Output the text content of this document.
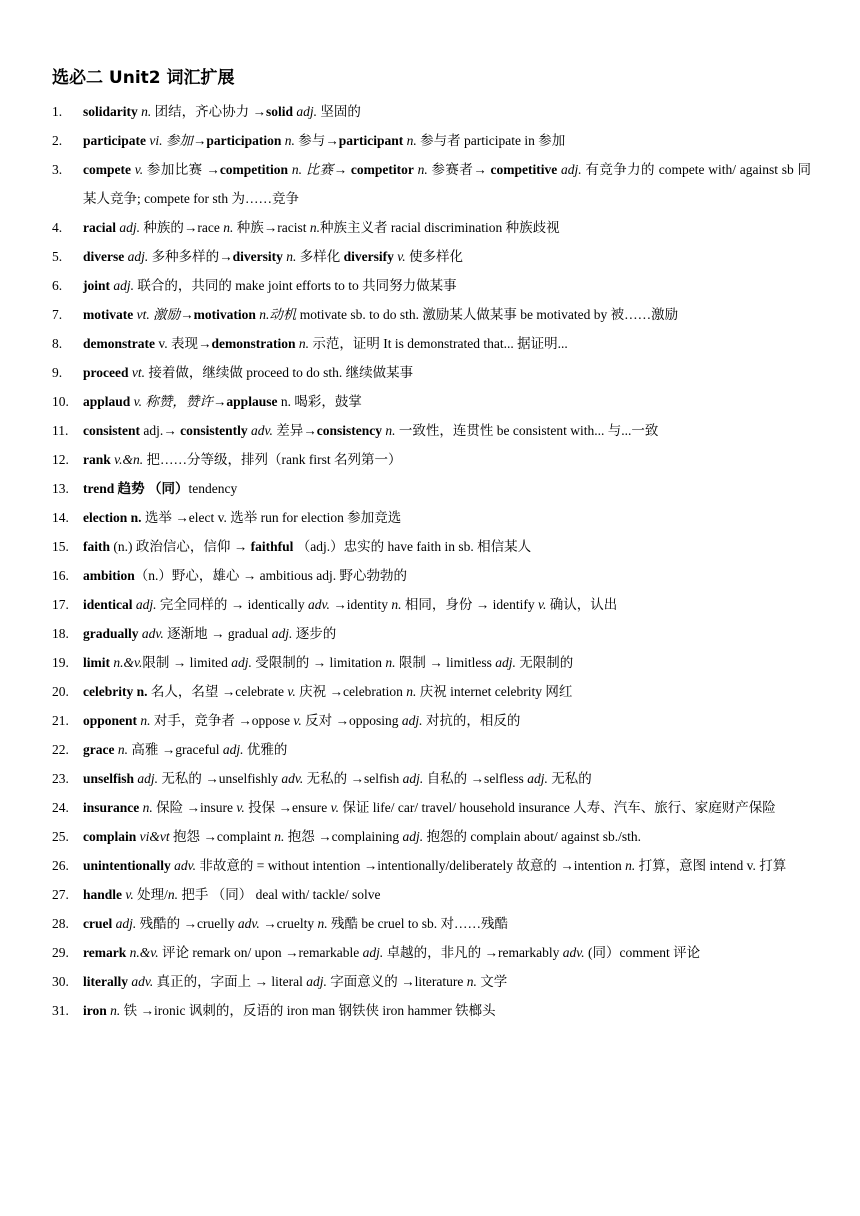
选必二 Unit2 词汇扩展
1.	solidarity n. 团结，齐心协力 →solid adj. 坚固的
2.	participate vi. 参加→participation n. 参与→participant n. 参与者 participate in 参加
3.	compete v. 参加比赛 →competition n. 比赛→ competitor n. 参赛者→ competitive adj. 有竞争力的 compete with/ against sb 同某人竞争; compete for sth 为……竞争
4.	racial adj. 种族的→race n. 种族→racist n.种族主义者 racial discrimination 种族歧视
5.	diverse adj. 多种多样的→diversity n. 多样化 diversify v. 使多样化
6.	joint adj. 联合的，共同的 make joint efforts to to 共同努力做某事
7.	motivate vt. 激励→motivation n.动机 motivate sb. to do sth. 激励某人做某事 be motivated by 被……激励
8.	demonstrate v. 表现→demonstration n. 示范，证明 It is demonstrated that... 据证明...
9.	proceed vt. 接着做，继续做 proceed to do sth. 继续做某事
10.	applaud v. 称赞，赞许→applause n. 喝彩，鼓掌
11.	consistent adj.→ consistently adv. 差异→consistency n. 一致性，连贯性 be consistent with... 与...一致
12.	rank v.&n. 把……分等级，排列（rank first 名列第一）
13.	trend 趋势 （同）tendency
14.	election n. 选举 →elect v. 选举 run for election 参加竞选
15.	faith (n.) 政治信心，信仰 → faithful （adj.）忠实的 have faith in sb. 相信某人
16.	ambition（n.）野心，雄心 → ambitious adj. 野心勃勃的
17.	identical adj. 完全同样的 → identically adv. →identity n. 相同，身份 → identify v. 确认，认出
18.	gradually adv. 逐渐地 → gradual adj. 逐步的
19.	limit n.&v.限制 → limited adj. 受限制的 → limitation n. 限制 → limitless adj. 无限制的
20.	celebrity n. 名人，名望 →celebrate v. 庆祝 →celebration n. 庆祝 internet celebrity 网红
21.	opponent n. 对手，竞争者 →oppose v. 反对 →opposing adj. 对抗的，相反的
22.	grace n. 高雅 →graceful adj. 优雅的
23.	unselfish adj. 无私的 →unselfishly adv. 无私的 →selfish adj. 自私的 →selfless adj. 无私的
24.	insurance n. 保险 →insure v. 投保 →ensure v. 保证 life/ car/ travel/ household insurance 人寿、汽车、旅行、家庭财产保险
25.	complain vi&vt 抱怨 →complaint n. 抱怨 →complaining adj. 抱怨的 complain about/ against sb./sth.
26.	unintentionally adv. 非故意的 = without intention →intentionally/deliberately 故意的 →intention n. 打算，意图 intend v. 打算
27.	handle v. 处理/n. 把手 （同） deal with/ tackle/ solve
28.	cruel adj. 残酷的 →cruelly adv. →cruelty n. 残酷 be cruel to sb. 对……残酷
29.	remark n.&v. 评论 remark on/ upon →remarkable adj. 卓越的，非凡的 →remarkably adv. (同）comment 评论
30.	literally adv. 真正的，字面上 → literal adj. 字面意义的 →literature n. 文学
31.	iron n. 铁 →ironic 讽刺的，反语的 iron man 钢铁侠 iron hammer 铁榔头
